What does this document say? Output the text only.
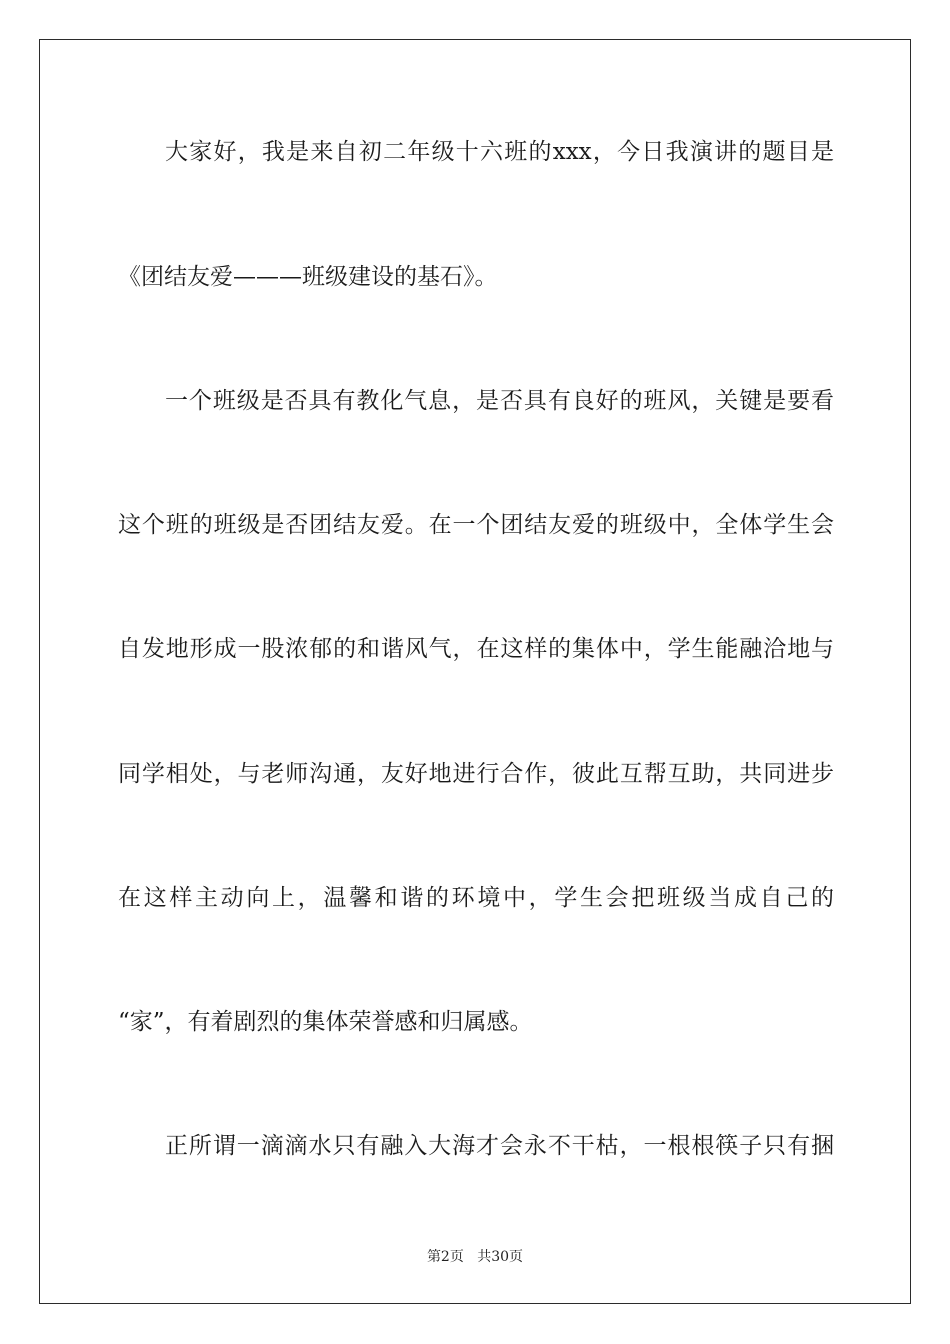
大家好，我是来自初二年级十六班的xxx，今日我演讲的题目是
《团结友爱———班级建设的基石》。
一个班级是否具有教化气息，是否具有良好的班风，关键是要看
这个班的班级是否团结友爱。在一个团结友爱的班级中，全体学生会
自发地形成一股浓郁的和谐风气，在这样的集体中，学生能融洽地与
同学相处，与老师沟通，友好地进行合作，彼此互帮互助，共同进步
在这样主动向上，温馨和谐的环境中，学生会把班级当成自己的
“家”，有着剧烈的集体荣誉感和归属感。
正所谓一滴滴水只有融入大海才会永不干枯，一根根筷子只有捆
第2页 共30页
